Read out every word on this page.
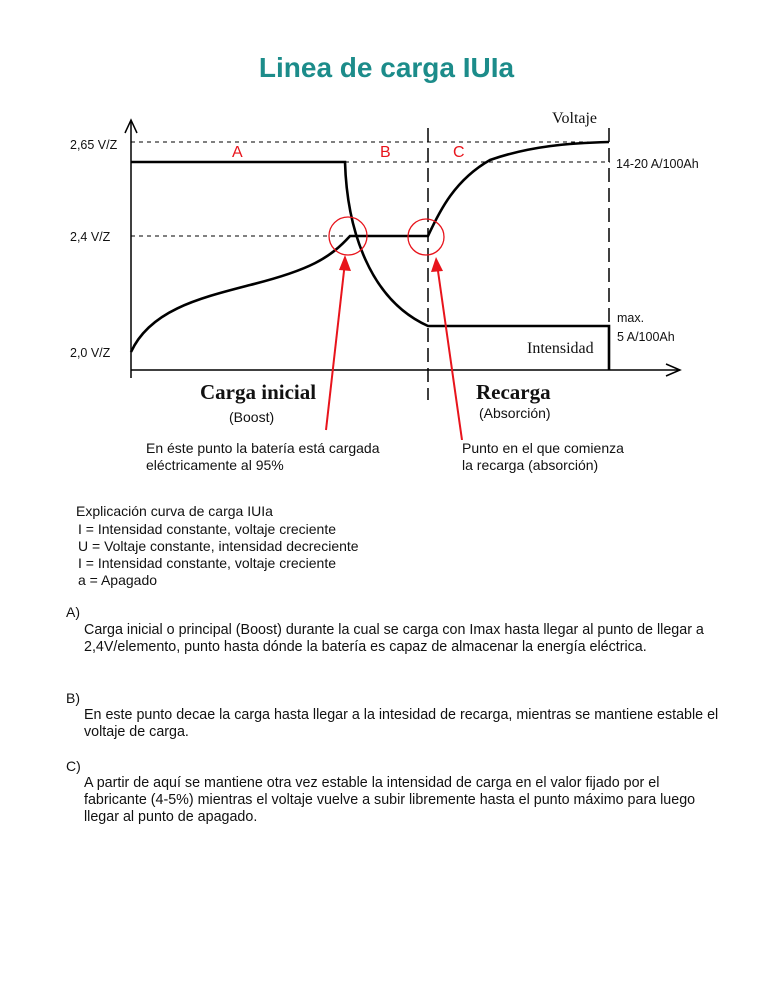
Linea de carga IUIa
2,65 V/Z
2,4 V/Z
2,0 V/Z
A	B	C
Voltaje
14-20 A/100Ah
max.
5 A/100Ah
Intensidad
Carga inicial
(Boost)
Recarga
(Absorción)
En éste punto la batería está cargada
eléctricamente al 95%
Punto en el que comienza
la recarga (absorción)
Explicación curva de carga IUIa
I = Intensidad constante, voltaje creciente
U = Voltaje constante, intensidad decreciente
I = Intensidad constante, voltaje creciente
a = Apagado
A)
Carga inicial o principal (Boost) durante la cual se carga con Imax hasta llegar al punto de llegar a 2,4V/elemento, punto hasta dónde la batería es capaz de almacenar la energía eléctrica.
B)
En este punto decae la carga hasta llegar a la intesidad de recarga, mientras se mantiene estable el voltaje de carga.
C)
A partir de aquí se mantiene otra vez estable la intensidad de carga en el valor fijado por el fabricante (4-5%) mientras el voltaje vuelve a subir libremente hasta el punto máximo para luego llegar al punto de apagado.
